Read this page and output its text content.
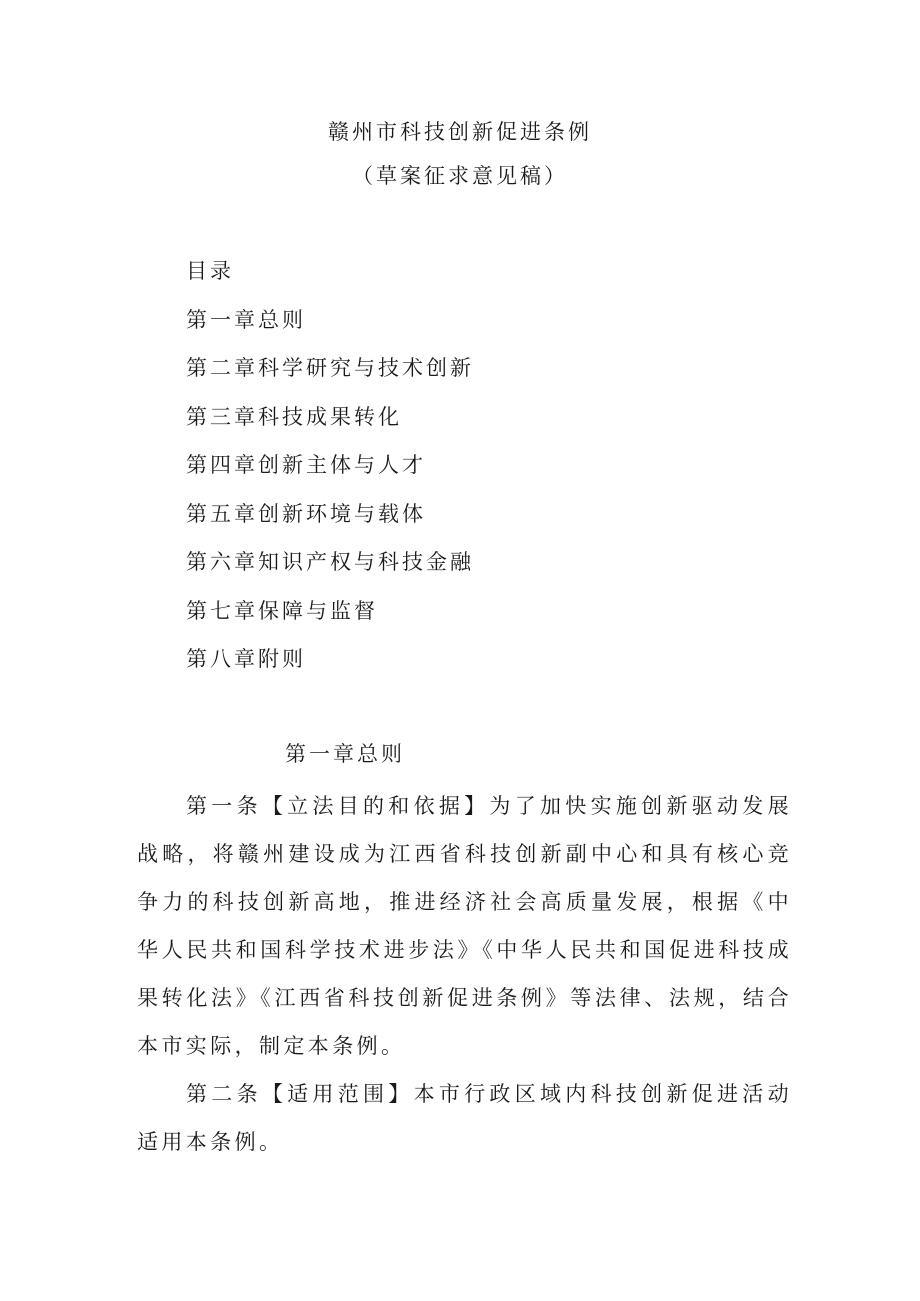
赣州市科技创新促进条例
（草案征求意见稿）
目录
第一章总则
第二章科学研究与技术创新
第三章科技成果转化
第四章创新主体与人才
第五章创新环境与载体
第六章知识产权与科技金融
第七章保障与监督
第八章附则
第一章总则

第一条【立法目的和依据】为了加快实施创新驱动发展战略，将赣州建设成为江西省科技创新副中心和具有核心竞争力的科技创新高地，推进经济社会高质量发展，根据《中华人民共和国科学技术进步法》《中华人民共和国促进科技成果转化法》《江西省科技创新促进条例》等法律、法规，结合本市实际，制定本条例。

第二条【适用范围】本市行政区域内科技创新促进活动适用本条例。
